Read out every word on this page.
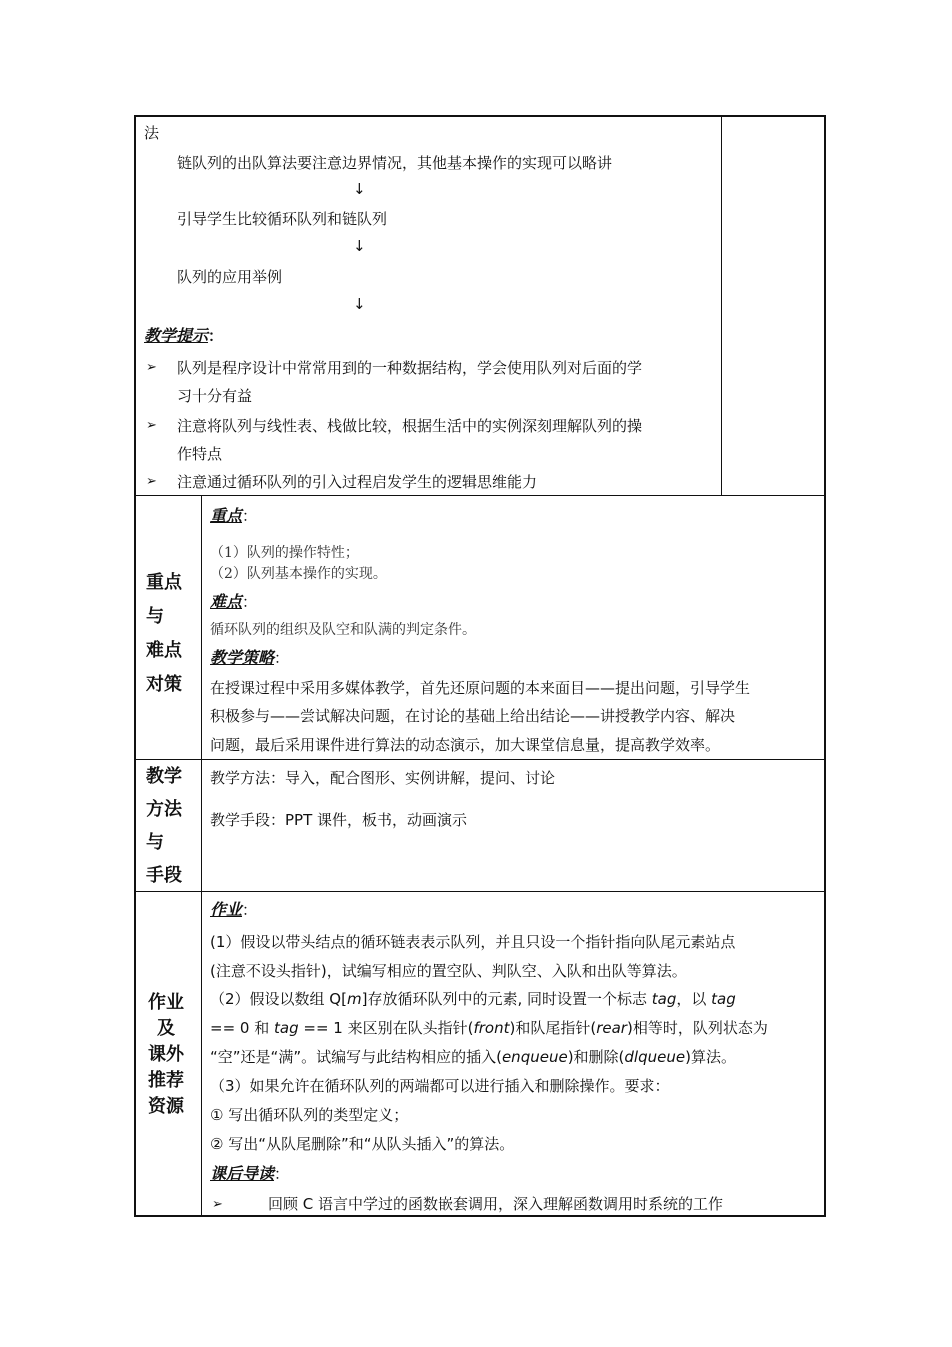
法
链队列的出队算法要注意边界情况，其他基本操作的实现可以略讲
↓
引导学生比较循环队列和链队列
↓
队列的应用举例
↓
教学提示：
➢ 队列是程序设计中常常用到的一种数据结构，学会使用队列对后面的学
习十分有益
➢ 注意将队列与线性表、栈做比较，根据生活中的实例深刻理解队列的操
作特点
➢ 注意通过循环队列的引入过程启发学生的逻辑思维能力
重点
与
难点
对策
重点：
（1）队列的操作特性；
（2）队列基本操作的实现。
难点：
循环队列的组织及队空和队满的判定条件。
教学策略：
在授课过程中采用多媒体教学，首先还原问题的本来面目——提出问题，引导学生
积极参与——尝试解决问题，在讨论的基础上给出结论——讲授教学内容、解决
问题，最后采用课件进行算法的动态演示，加大课堂信息量，提高教学效率。
教学
方法
与
手段
教学方法：导入，配合图形、实例讲解，提问、讨论
教学手段：PPT 课件，板书，动画演示
作业
及
课外
推荐
资源
作业：
(1）假设以带头结点的循环链表表示队列，并且只设一个指针指向队尾元素站点
(注意不设头指针)，试编写相应的置空队、判队空、入队和出队等算法。
（2）假设以数组 Q[m]存放循环队列中的元素, 同时设置一个标志 tag，以 tag
== 0 和 tag == 1 来区别在队头指针(front)和队尾指针(rear)相等时，队列状态为
“空”还是“满”。试编写与此结构相应的插入(enqueue)和删除(dlqueue)算法。
（3）如果允许在循环队列的两端都可以进行插入和删除操作。要求：
① 写出循环队列的类型定义；
② 写出“从队尾删除”和“从队头插入”的算法。
课后导读：
➢	回顾 C 语言中学过的函数嵌套调用，深入理解函数调用时系统的工作
